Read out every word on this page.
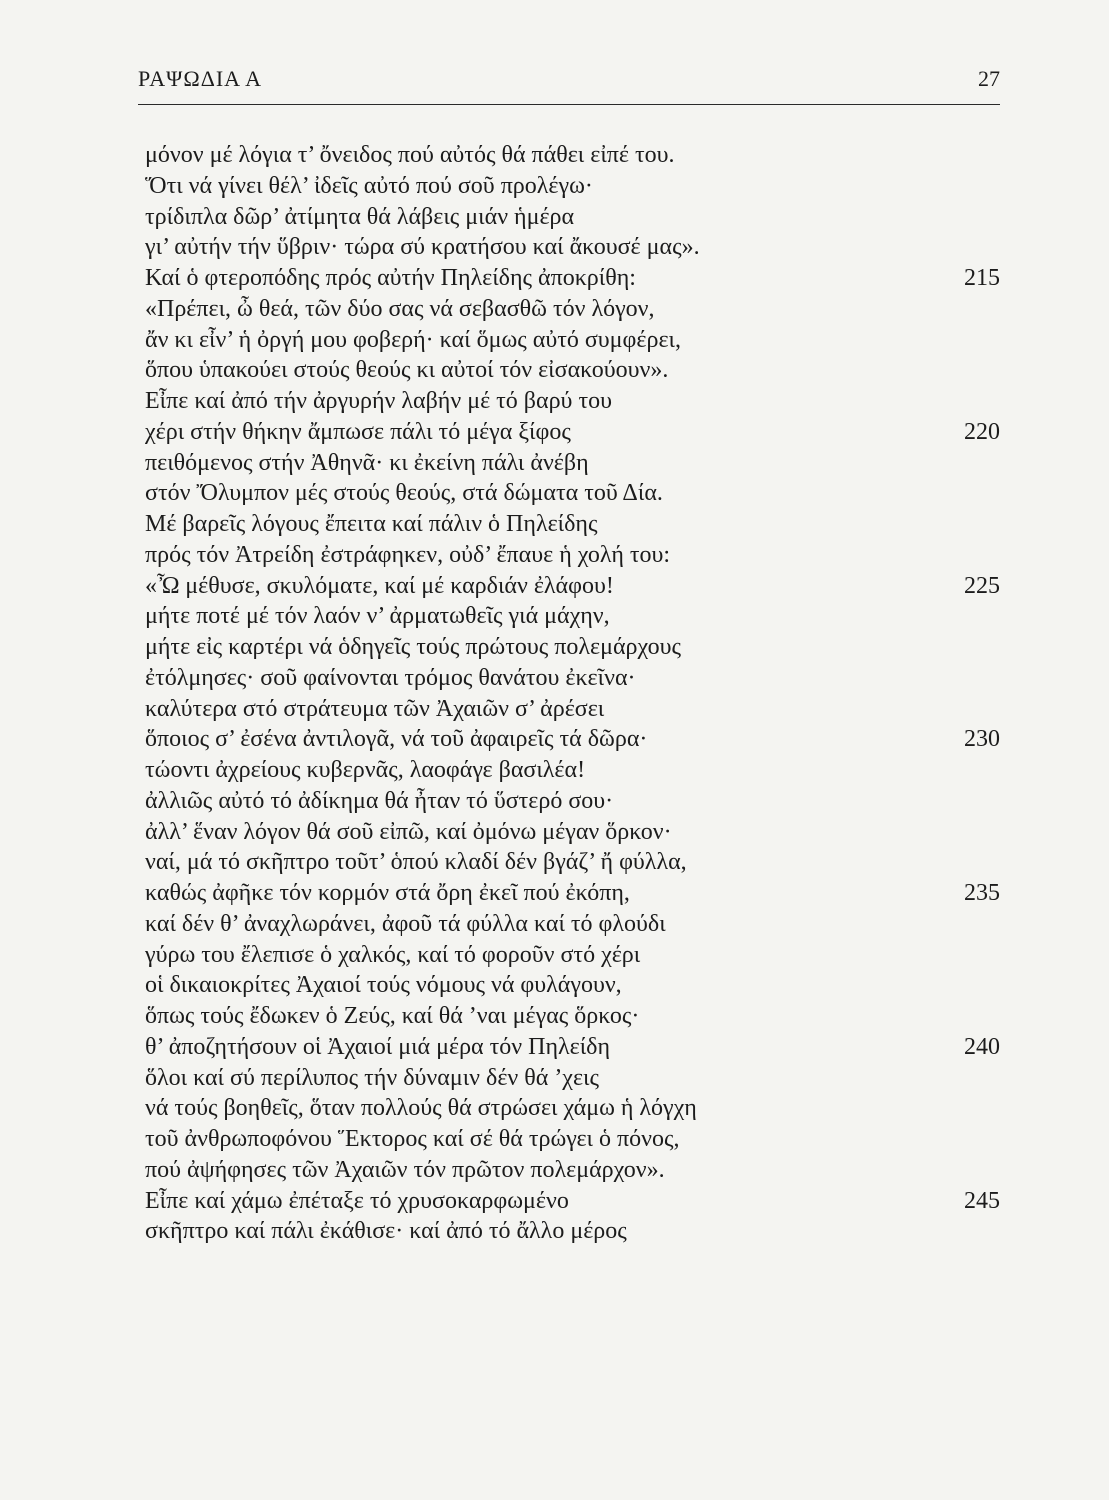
ΡΑΨΩΔΙΑ Α	27
μόνον μέ λόγια τ’ ὄνειδος πού αὐτός θά πάθει εἰπέ του.
Ὅτι νά γίνει θέλ’ ἰδεῖς αὐτό πού σοῦ προλέγω·
τρίδιπλα δῶρ’ ἀτίμητα θά λάβεις μιάν ἡμέρα
γι’ αὐτήν τήν ὕβριν· τώρα σύ κρατήσου καί ἄκουσέ μας».
Καί ὁ φτεροπόδης πρός αὐτήν Πηλείδης ἀποκρίθη:	215
«Πρέπει, ὦ θεά, τῶν δύο σας νά σεβασθῶ τόν λόγον,
ἄν κι εἶν’ ἡ ὀργή μου φοβερή· καί ὅμως αὐτό συμφέρει,
ὅπου ὑπακούει στούς θεούς κι αὐτοί τόν εἰσακούουν».
Εἶπε καί ἀπό τήν ἀργυρήν λαβήν μέ τό βαρύ του
χέρι στήν θήκην ἄμπωσε πάλι τό μέγα ξίφος	220
πειθόμενος στήν Ἀθηνᾶ· κι ἐκείνη πάλι ἀνέβη
στόν Ὄλυμπον μές στούς θεούς, στά δώματα τοῦ Δία.
Μέ βαρεῖς λόγους ἔπειτα καί πάλιν ὁ Πηλείδης
πρός τόν Ἀτρείδη ἐστράφηκεν, οὐδ’ ἔπαυε ἡ χολή του:
«Ὦ μέθυσε, σκυλόματε, καί μέ καρδιάν ἐλάφου!	225
μήτε ποτέ μέ τόν λαόν ν’ ἀρματωθεῖς γιά μάχην,
μήτε εἰς καρτέρι νά ὁδηγεῖς τούς πρώτους πολεμάρχους
ἐτόλμησες· σοῦ φαίνονται τρόμος θανάτου ἐκεῖνα·
καλύτερα στό στράτευμα τῶν Ἀχαιῶν σ’ ἀρέσει
ὅποιος σ’ ἐσένα ἀντιλογᾶ, νά τοῦ ἀφαιρεῖς τά δῶρα·	230
τώοντι ἀχρείους κυβερνᾶς, λαοφάγε βασιλέα!
ἀλλιῶς αὐτό τό ἀδίκημα θά ἦταν τό ὕστερό σου·
ἀλλ’ ἕναν λόγον θά σοῦ εἰπῶ, καί ὀμόνω μέγαν ὅρκον·
ναί, μά τό σκῆπτρο τοῦτ’ ὁπού κλαδί δέν βγάζ’ ἤ φύλλα,
καθώς ἀφῆκε τόν κορμόν στά ὄρη ἐκεῖ πού ἐκόπη,	235
καί δέν θ’ ἀναχλωράνει, ἀφοῦ τά φύλλα καί τό φλούδι
γύρω του ἔλεπισε ὁ χαλκός, καί τό φοροῦν στό χέρι
οἱ δικαιοκρίτες Ἀχαιοί τούς νόμους νά φυλάγουν,
ὅπως τούς ἔδωκεν ὁ Ζεύς, καί θά ’ναι μέγας ὅρκος·
θ’ ἀποζητήσουν οἱ Ἀχαιοί μιά μέρα τόν Πηλείδη	240
ὅλοι καί σύ περίλυπος τήν δύναμιν δέν θά ’χεις
νά τούς βοηθεῖς, ὅταν πολλούς θά στρώσει χάμω ἡ λόγχη
τοῦ ἀνθρωποφόνου Ἕκτορος καί σέ θά τρώγει ὁ πόνος,
πού ἀψήφησες τῶν Ἀχαιῶν τόν πρῶτον πολεμάρχον».
Εἶπε καί χάμω ἐπέταξε τό χρυσοκαρφωμένο	245
σκῆπτρο καί πάλι ἐκάθισε· καί ἀπό τό ἄλλο μέρος
